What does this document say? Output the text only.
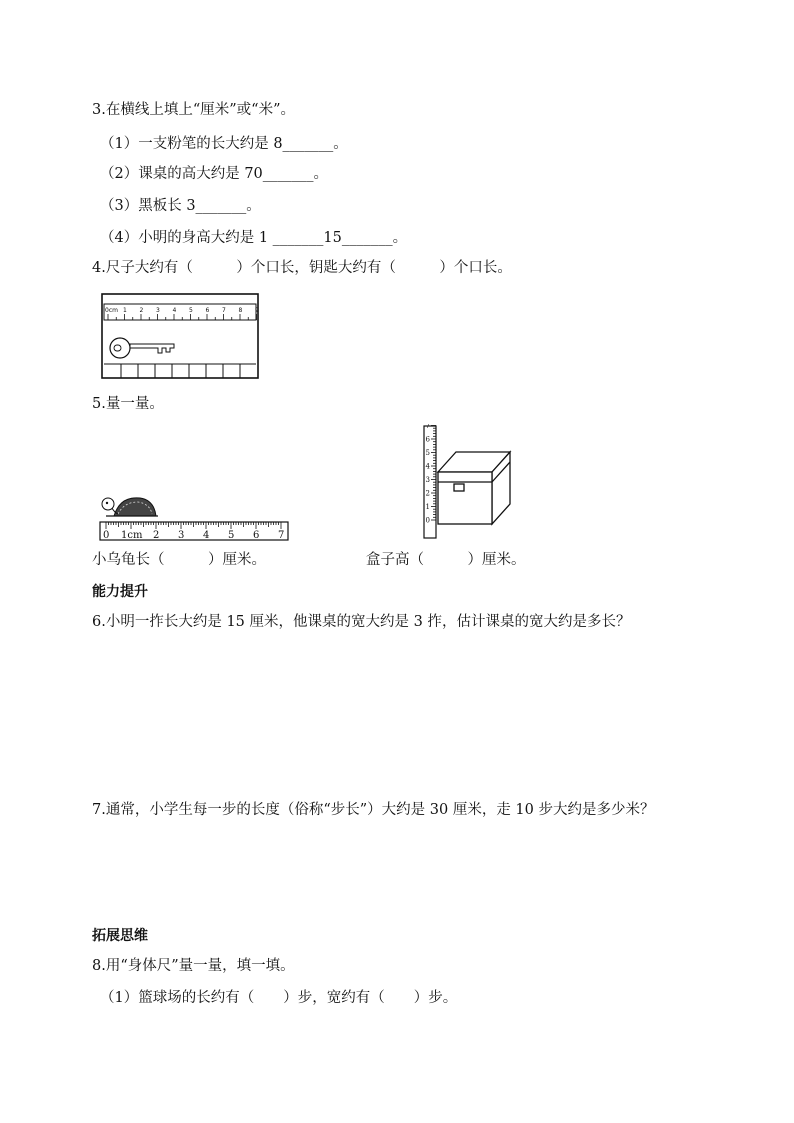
3.在横线上填上“厘米”或“米”。
（1）一支粉笔的长大约是 8_______。
（2）课桌的高大约是 70_______。
（3）黑板长 3_______。
（4）小明的身高大约是 1 _______15_______。
4.尺子大约有（　　　）个口长，钥匙大约有（　　　）个口长。
0cm 1 2 3 4 5 6 7 8 9
5.量一量。
0 1cm 2 3 4 5 6 7
0
1
2
3
4
5
6
7
小乌龟长（　　　）厘米。	盒子高（　　　）厘米。
能力提升
6.小明一拃长大约是 15 厘米，他课桌的宽大约是 3 拃，估计课桌的宽大约是多长？
7.通常，小学生每一步的长度（俗称“步长”）大约是 30 厘米，走 10 步大约是多少米？
拓展思维
8.用“身体尺”量一量，填一填。
（1）篮球场的长约有（　　）步，宽约有（　　）步。
